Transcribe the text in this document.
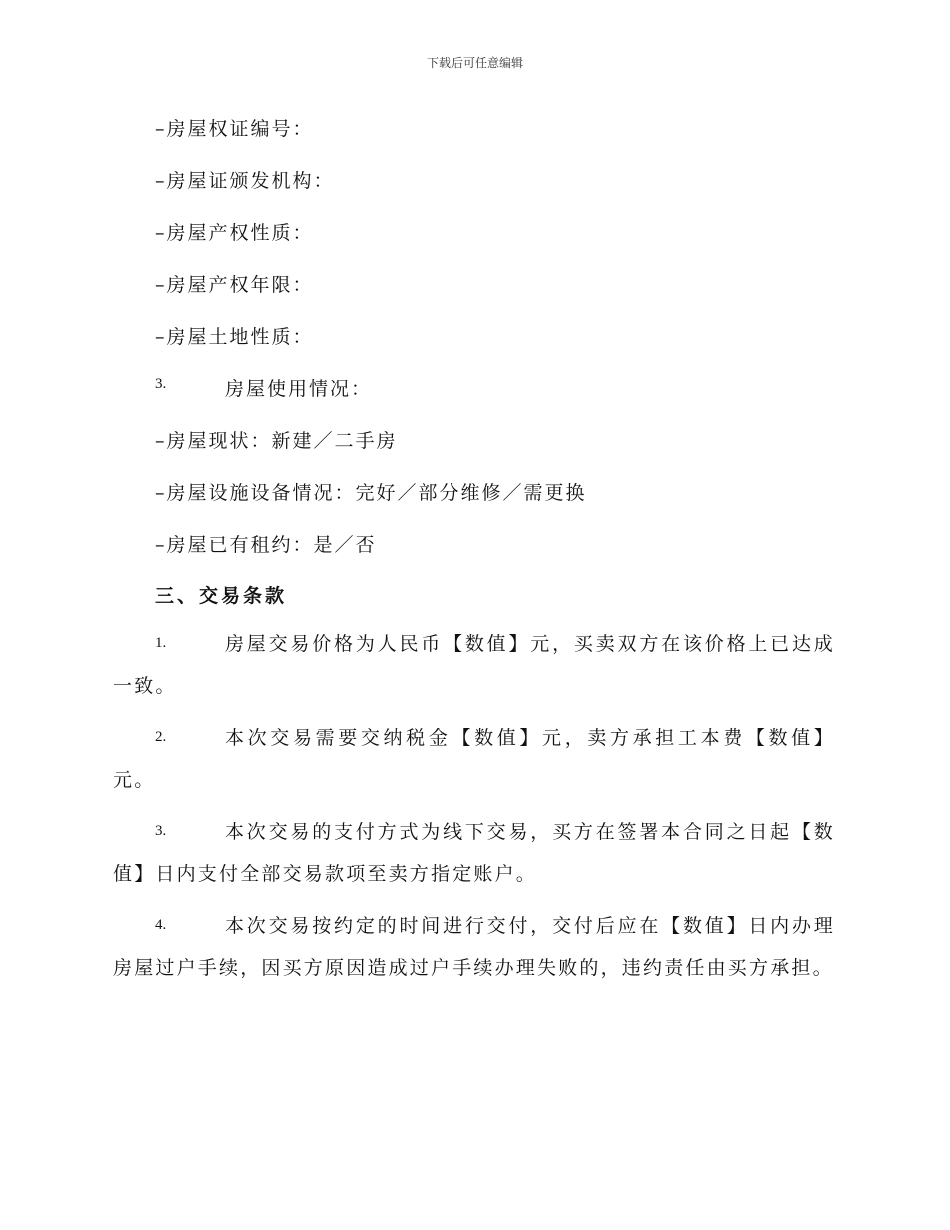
下载后可任意编辑
–房屋权证编号：
–房屋证颁发机构：
–房屋产权性质：
–房屋产权年限：
–房屋土地性质：
3.	房屋使用情况：
–房屋现状：新建／二手房
–房屋设施设备情况：完好／部分维修／需更换
–房屋已有租约：是／否
三、交易条款
1.	房屋交易价格为人民币【数值】元，买卖双方在该价格上已达成一致。
2.	本次交易需要交纳税金【数值】元，卖方承担工本费【数值】元。
3.	本次交易的支付方式为线下交易，买方在签署本合同之日起【数值】日内支付全部交易款项至卖方指定账户。
4.	本次交易按约定的时间进行交付，交付后应在【数值】日内办理房屋过户手续，因买方原因造成过户手续办理失败的，违约责任由买方承担。
